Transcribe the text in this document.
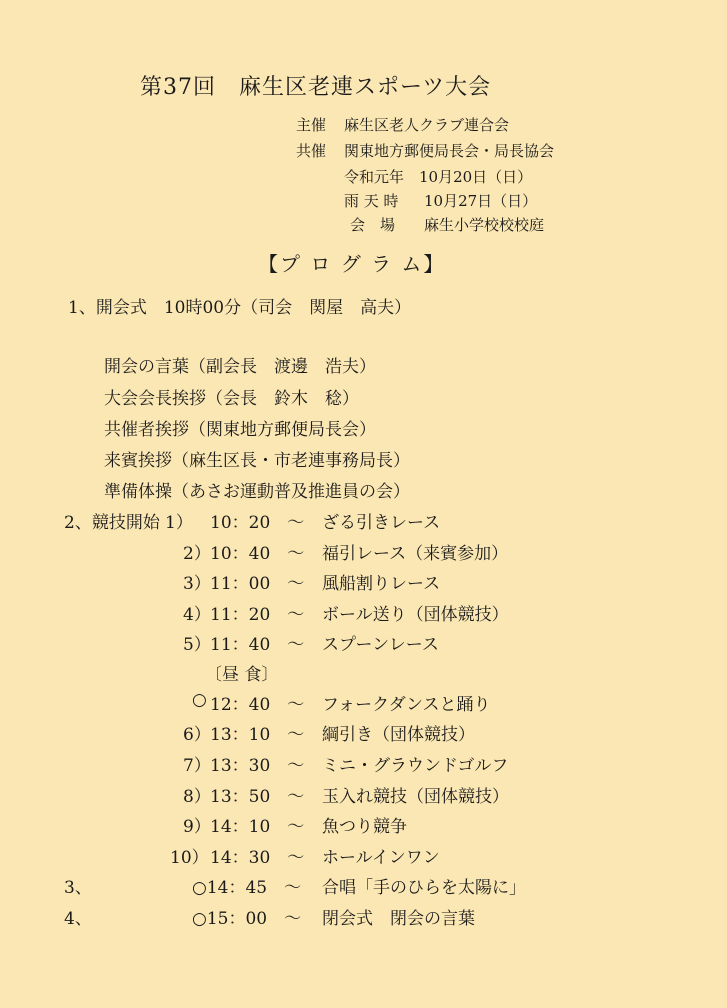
第37回　麻生区老連スポーツ大会
主催 麻生区老人クラブ連合会
共催 関東地方郵便局長会・局長協会
令和元年　10月20日（日）
雨 天 時 10月27日（日）
会　場 麻生小学校校校庭
【プ ロ グ ラ ム】
1、開会式　10時00分（司会　関屋　高夫）
開会の言葉（副会長　渡邊　浩夫）
大会会長挨拶（会長　鈴木　稔）
共催者挨拶（関東地方郵便局長会）
来賓挨拶（麻生区長・市老連事務局長）
準備体操（あさお運動普及推進員の会）
2、競技開始 1） 10：20　～ ざる引きレース
2） 10：40　～ 福引レース（来賓参加）
3） 11：00　～ 風船割りレース
4） 11：20　～ ボール送り（団体競技）
5） 11：40　～ スプーンレース
〔昼 食〕
○ 12：40　～ フォークダンスと踊り
6） 13：10　～ 綱引き（団体競技）
7） 13：30　～ ミニ・グラウンドゴルフ
8） 13：50　～ 玉入れ競技（団体競技）
9） 14：10　～ 魚つり競争
10） 14：30　～ ホールインワン
3、	○14：45　～ 合唱「手のひらを太陽に」
4、	○15：00　～ 閉会式　閉会の言葉
